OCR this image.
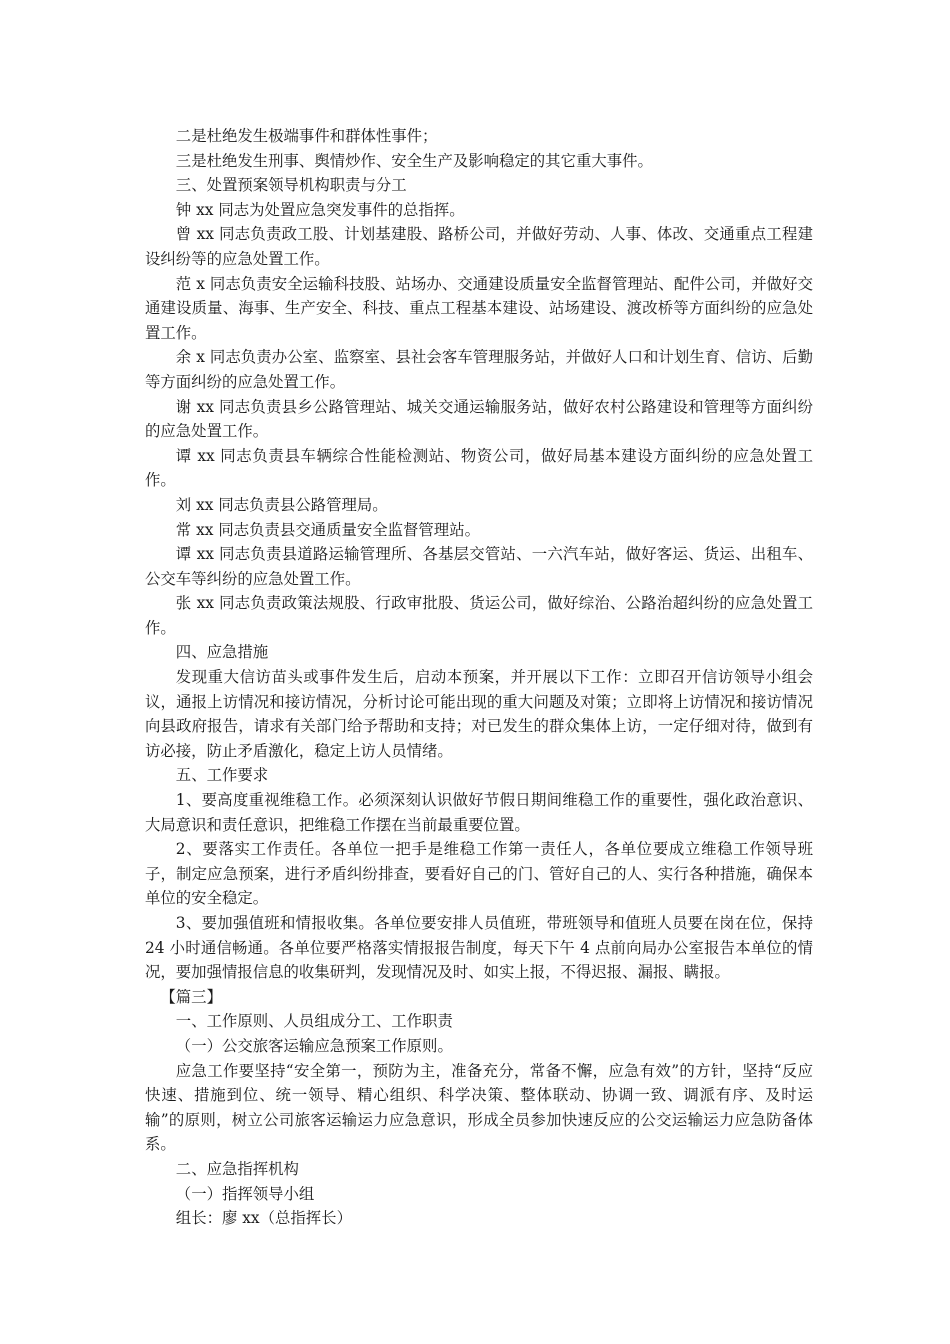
二是杜绝发生极端事件和群体性事件；

三是杜绝发生刑事、舆情炒作、安全生产及影响稳定的其它重大事件。

三、处置预案领导机构职责与分工

钟 xx 同志为处置应急突发事件的总指挥。

曾 xx 同志负责政工股、计划基建股、路桥公司，并做好劳动、人事、体改、交通重点工程建设纠纷等的应急处置工作。

范 x 同志负责安全运输科技股、站场办、交通建设质量安全监督管理站、配件公司，并做好交通建设质量、海事、生产安全、科技、重点工程基本建设、站场建设、渡改桥等方面纠纷的应急处置工作。

余 x 同志负责办公室、监察室、县社会客车管理服务站，并做好人口和计划生育、信访、后勤等方面纠纷的应急处置工作。

谢 xx 同志负责县乡公路管理站、城关交通运输服务站，做好农村公路建设和管理等方面纠纷的应急处置工作。

谭 xx 同志负责县车辆综合性能检测站、物资公司，做好局基本建设方面纠纷的应急处置工作。

刘 xx 同志负责县公路管理局。

常 xx 同志负责县交通质量安全监督管理站。

谭 xx 同志负责县道路运输管理所、各基层交管站、一六汽车站，做好客运、货运、出租车、公交车等纠纷的应急处置工作。

张 xx 同志负责政策法规股、行政审批股、货运公司，做好综治、公路治超纠纷的应急处置工作。

四、应急措施

发现重大信访苗头或事件发生后，启动本预案，并开展以下工作：立即召开信访领导小组会议，通报上访情况和接访情况，分析讨论可能出现的重大问题及对策；立即将上访情况和接访情况向县政府报告，请求有关部门给予帮助和支持；对已发生的群众集体上访，一定仔细对待，做到有访必接，防止矛盾激化，稳定上访人员情绪。

五、工作要求

1、要高度重视维稳工作。必须深刻认识做好节假日期间维稳工作的重要性，强化政治意识、大局意识和责任意识，把维稳工作摆在当前最重要位置。

2、要落实工作责任。各单位一把手是维稳工作第一责任人，各单位要成立维稳工作领导班子，制定应急预案，进行矛盾纠纷排查，要看好自己的门、管好自己的人、实行各种措施，确保本单位的安全稳定。

3、要加强值班和情报收集。各单位要安排人员值班，带班领导和值班人员要在岗在位，保持 24 小时通信畅通。各单位要严格落实情报报告制度，每天下午 4 点前向局办公室报告本单位的情况，要加强情报信息的收集研判，发现情况及时、如实上报，不得迟报、漏报、瞒报。

【篇三】

一、工作原则、人员组成分工、工作职责

（一）公交旅客运输应急预案工作原则。

应急工作要坚持“安全第一，预防为主，准备充分，常备不懈，应急有效”的方针，坚持“反应快速、措施到位、统一领导、精心组织、科学决策、整体联动、协调一致、调派有序、及时运输”的原则，树立公司旅客运输运力应急意识，形成全员参加快速反应的公交运输运力应急防备体系。

二、应急指挥机构

（一）指挥领导小组

组长：廖 xx（总指挥长）
